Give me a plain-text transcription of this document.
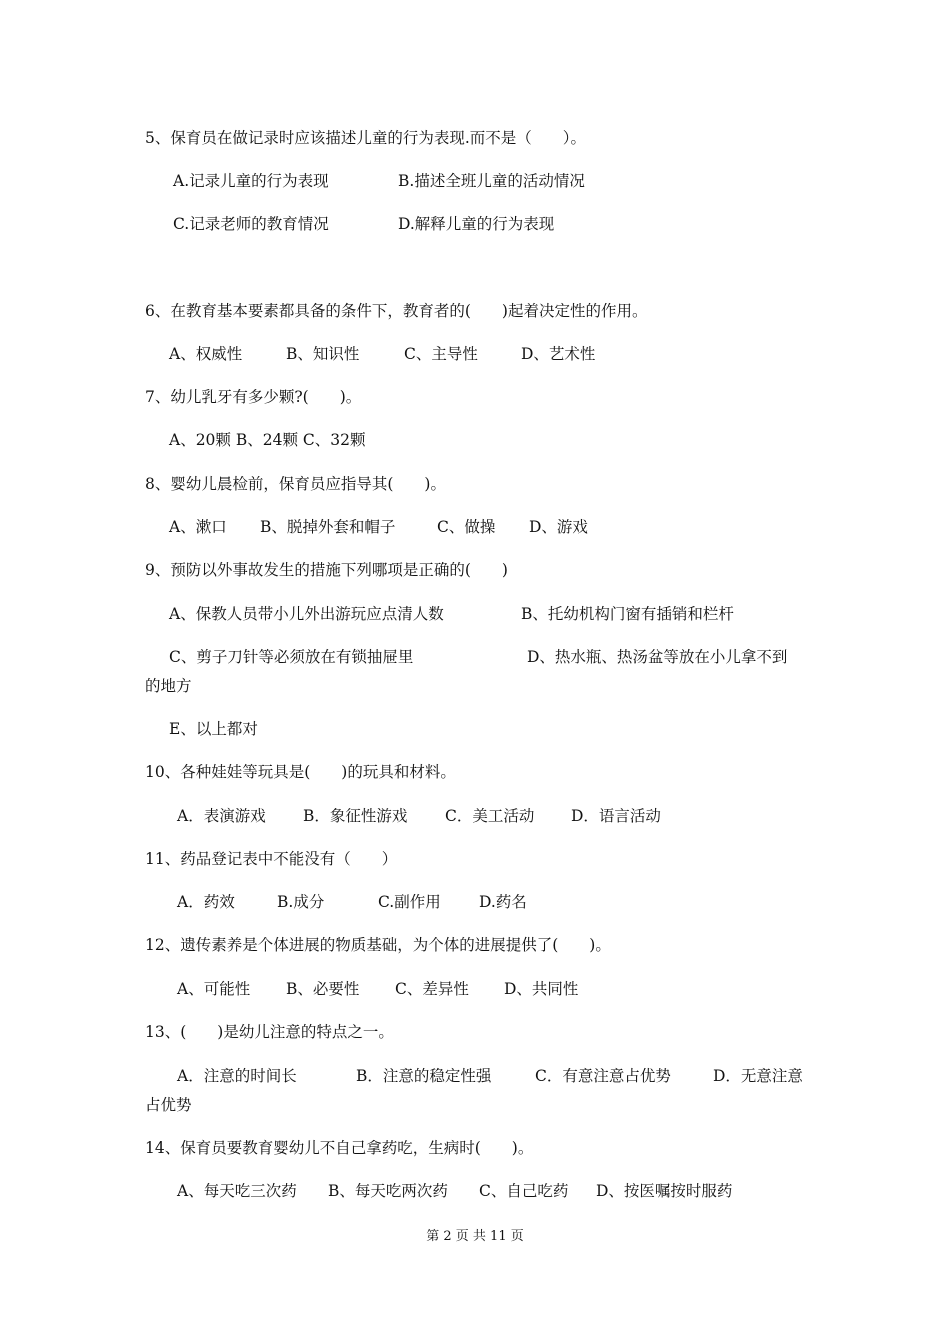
5、保育员在做记录时应该描述儿童的行为表现.而不是（　　）。
A.记录儿童的行为表现	B.描述全班儿童的活动情况
C.记录老师的教育情况	D.解释儿童的行为表现
6、在教育基本要素都具备的条件下，教育者的(　　)起着决定性的作用。
A、权威性	B、知识性	C、主导性	D、艺术性
7、幼儿乳牙有多少颗?(　　)。
A、20颗 B、24颗 C、32颗
8、婴幼儿晨检前，保育员应指导其(　　)。
A、漱口 B、脱掉外套和帽子	C、做操 D、游戏
9、预防以外事故发生的措施下列哪项是正确的(　　)
A、保教人员带小儿外出游玩应点清人数	B、托幼机构门窗有插销和栏杆
C、剪子刀针等必须放在有锁抽屉里	D、热水瓶、热汤盆等放在小儿拿不到
的地方
E、以上都对
10、各种娃娃等玩具是(　　)的玩具和材料。
A．表演游戏 B．象征性游戏 C．美工活动 D．语言活动
11、药品登记表中不能没有（　　）
A．药效	B.成分	C.副作用 D.药名
12、遗传素养是个体进展的物质基础，为个体的进展提供了(　　)。
A、可能性 B、必要性 C、差异性 D、共同性
13、(　　)是幼儿注意的特点之一。
A．注意的时间长	B．注意的稳定性强	C．有意注意占优势	D．无意注意
占优势
14、保育员要教育婴幼儿不自己拿药吃，生病时(　　)。
A、每天吃三次药 B、每天吃两次药 C、自己吃药 D、按医嘱按时服药
第 2 页 共 11 页
